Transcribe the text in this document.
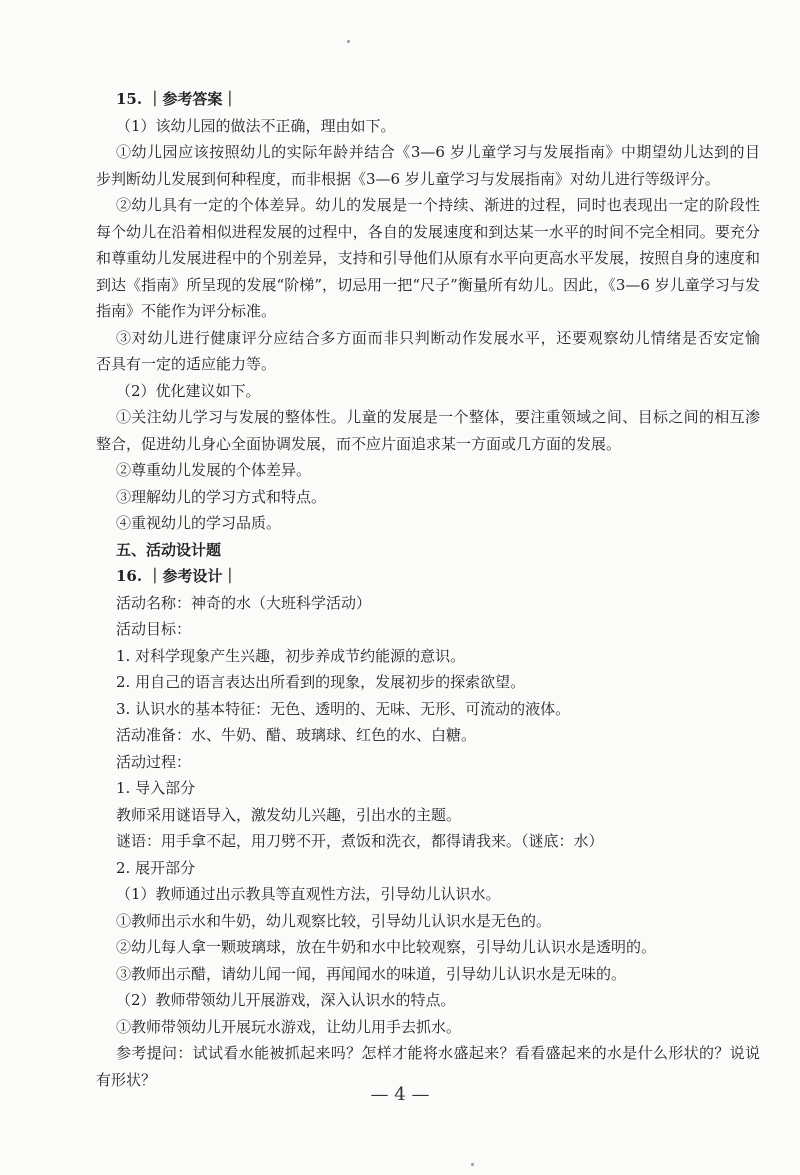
15. ｜参考答案｜
（1）该幼儿园的做法不正确，理由如下。
①幼儿园应该按照幼儿的实际年龄并结合《3—6 岁儿童学习与发展指南》中期望幼儿达到的目
步判断幼儿发展到何种程度，而非根据《3—6 岁儿童学习与发展指南》对幼儿进行等级评分。
②幼儿具有一定的个体差异。幼儿的发展是一个持续、渐进的过程，同时也表现出一定的阶段性
每个幼儿在沿着相似进程发展的过程中，各自的发展速度和到达某一水平的时间不完全相同。要充分
和尊重幼儿发展进程中的个别差异，支持和引导他们从原有水平向更高水平发展，按照自身的速度和
到达《指南》所呈现的发展“阶梯”，切忌用一把“尺子”衡量所有幼儿。因此，《3—6 岁儿童学习与发
指南》不能作为评分标准。
③对幼儿进行健康评分应结合多方面而非只判断动作发展水平，还要观察幼儿情绪是否安定愉
否具有一定的适应能力等。
（2）优化建议如下。
①关注幼儿学习与发展的整体性。儿童的发展是一个整体，要注重领域之间、目标之间的相互渗
整合，促进幼儿身心全面协调发展，而不应片面追求某一方面或几方面的发展。
②尊重幼儿发展的个体差异。
③理解幼儿的学习方式和特点。
④重视幼儿的学习品质。
五、活动设计题
16. ｜参考设计｜
活动名称：神奇的水（大班科学活动）
活动目标：
1. 对科学现象产生兴趣，初步养成节约能源的意识。
2. 用自己的语言表达出所看到的现象，发展初步的探索欲望。
3. 认识水的基本特征：无色、透明的、无味、无形、可流动的液体。
活动准备：水、牛奶、醋、玻璃球、红色的水、白糖。
活动过程：
1. 导入部分
教师采用谜语导入，激发幼儿兴趣，引出水的主题。
谜语：用手拿不起，用刀劈不开，煮饭和洗衣，都得请我来。（谜底：水）
2. 展开部分
（1）教师通过出示教具等直观性方法，引导幼儿认识水。
①教师出示水和牛奶，幼儿观察比较，引导幼儿认识水是无色的。
②幼儿每人拿一颗玻璃球，放在牛奶和水中比较观察，引导幼儿认识水是透明的。
③教师出示醋，请幼儿闻一闻，再闻闻水的味道，引导幼儿认识水是无味的。
（2）教师带领幼儿开展游戏，深入认识水的特点。
①教师带领幼儿开展玩水游戏，让幼儿用手去抓水。
参考提问：试试看水能被抓起来吗？怎样才能将水盛起来？看看盛起来的水是什么形状的？说说
有形状？
— 4 —
